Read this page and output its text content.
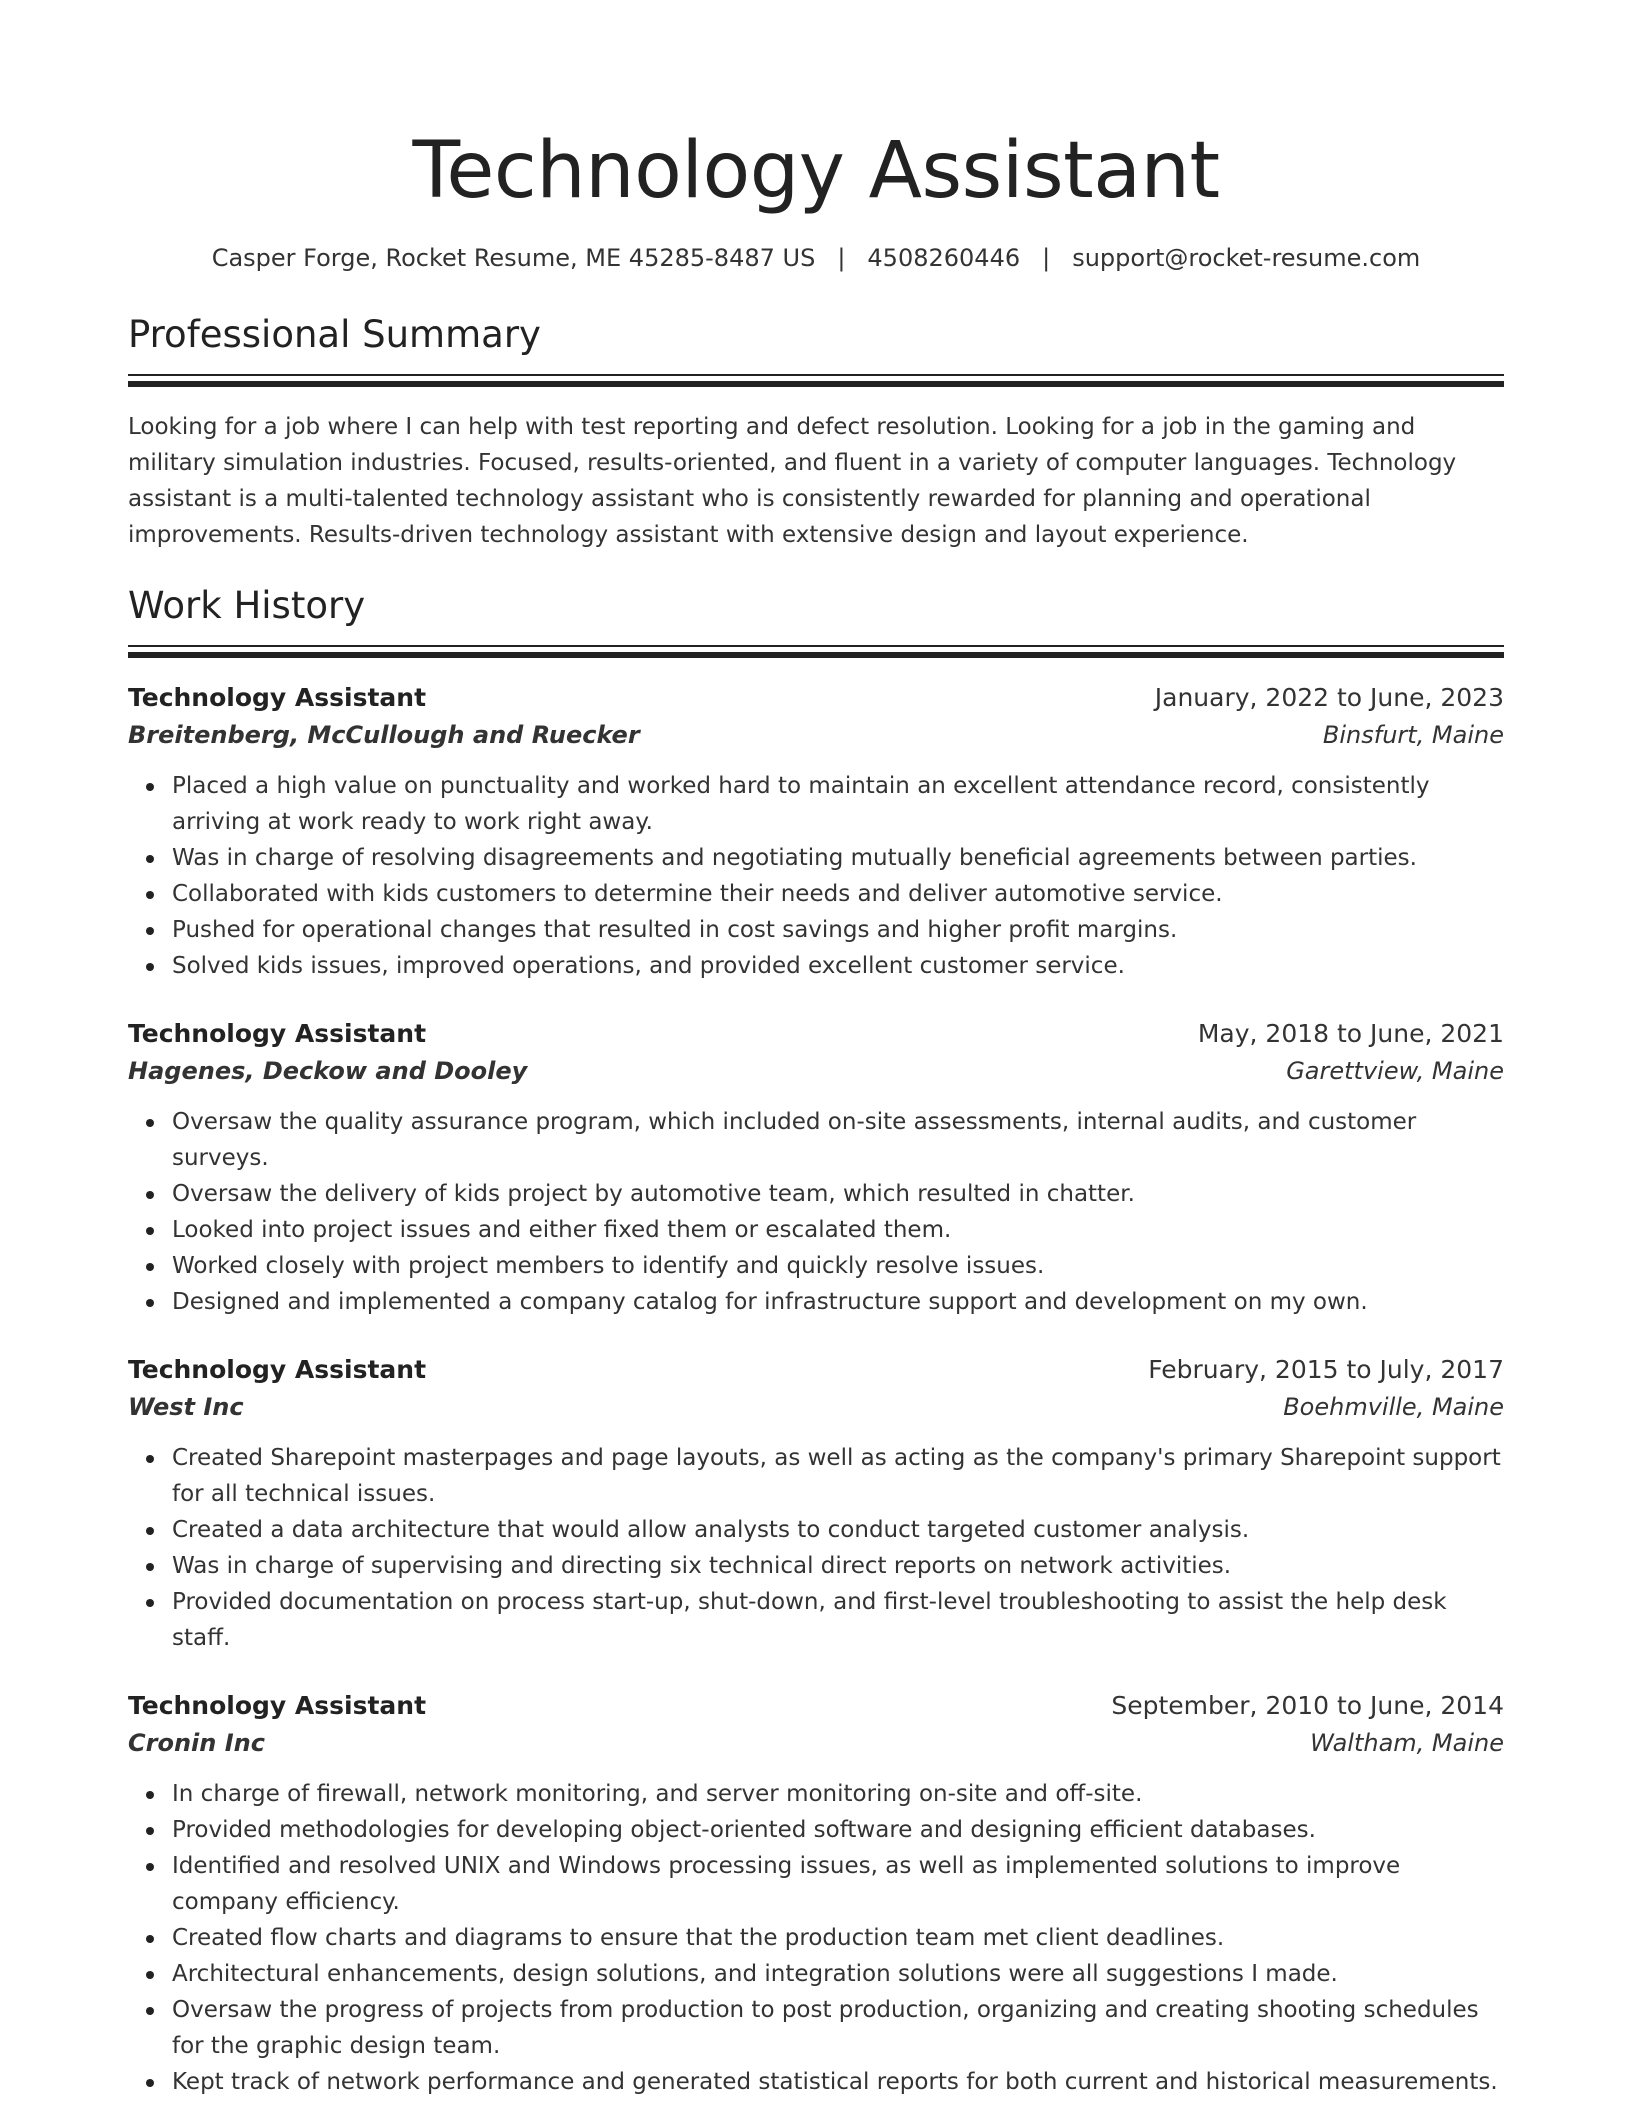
Technology Assistant
Casper Forge, Rocket Resume, ME 45285-8487 US | 4508260446 | support@rocket-resume.com
Professional Summary

Looking for a job where I can help with test reporting and defect resolution. Looking for a job in the gaming and military simulation industries. Focused, results-oriented, and fluent in a variety of computer languages. Technology assistant is a multi-talented technology assistant who is consistently rewarded for planning and operational improvements. Results-driven technology assistant with extensive design and layout experience.

Work History
Technology Assistant	January, 2022 to June, 2023
Breitenberg, McCullough and Ruecker	Binsfurt, Maine
Placed a high value on punctuality and worked hard to maintain an excellent attendance record, consistently arriving at work ready to work right away.
Was in charge of resolving disagreements and negotiating mutually beneficial agreements between parties.
Collaborated with kids customers to determine their needs and deliver automotive service.
Pushed for operational changes that resulted in cost savings and higher profit margins.
Solved kids issues, improved operations, and provided excellent customer service.
Technology Assistant	May, 2018 to June, 2021
Hagenes, Deckow and Dooley	Garettview, Maine
Oversaw the quality assurance program, which included on-site assessments, internal audits, and customer surveys.
Oversaw the delivery of kids project by automotive team, which resulted in chatter.
Looked into project issues and either fixed them or escalated them.
Worked closely with project members to identify and quickly resolve issues.
Designed and implemented a company catalog for infrastructure support and development on my own.
Technology Assistant	February, 2015 to July, 2017
West Inc	Boehmville, Maine
Created Sharepoint masterpages and page layouts, as well as acting as the company's primary Sharepoint support for all technical issues.
Created a data architecture that would allow analysts to conduct targeted customer analysis.
Was in charge of supervising and directing six technical direct reports on network activities.
Provided documentation on process start-up, shut-down, and first-level troubleshooting to assist the help desk staff.
Technology Assistant	September, 2010 to June, 2014
Cronin Inc	Waltham, Maine
In charge of firewall, network monitoring, and server monitoring on-site and off-site.
Provided methodologies for developing object-oriented software and designing efficient databases.
Identified and resolved UNIX and Windows processing issues, as well as implemented solutions to improve company efficiency.
Created flow charts and diagrams to ensure that the production team met client deadlines.
Architectural enhancements, design solutions, and integration solutions were all suggestions I made.
Oversaw the progress of projects from production to post production, organizing and creating shooting schedules for the graphic design team.
Kept track of network performance and generated statistical reports for both current and historical measurements.
